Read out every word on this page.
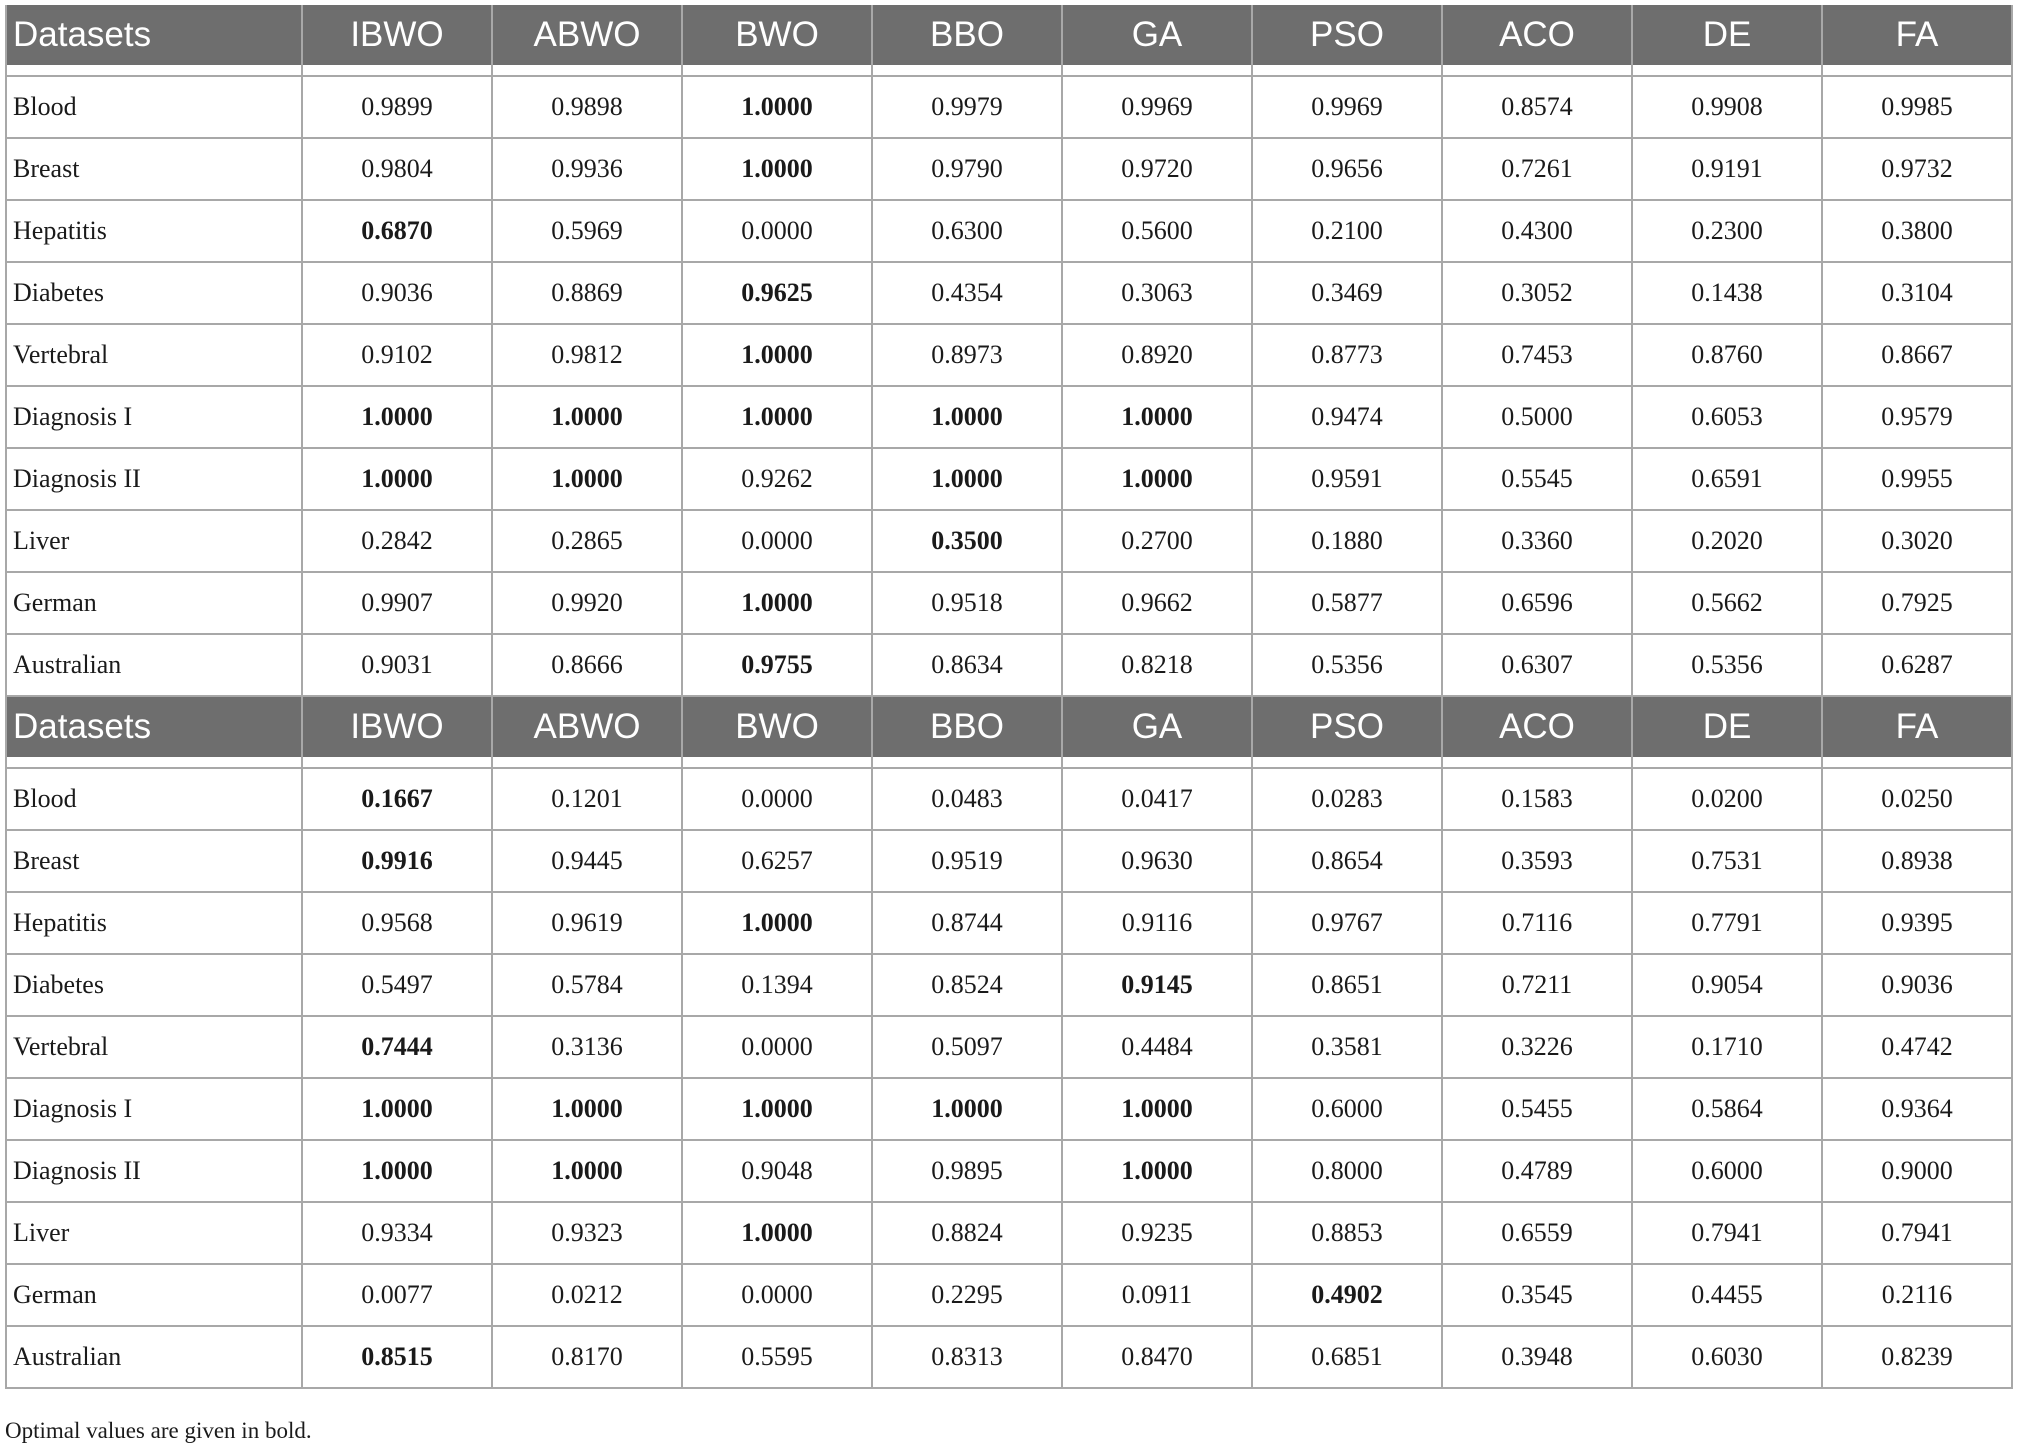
Datasets	IBWO	ABWO	BWO	BBO	GA	PSO	ACO	DE	FA

Blood	0.9899	0.9898	1.0000	0.9979	0.9969	0.9969	0.8574	0.9908	0.9985
Breast	0.9804	0.9936	1.0000	0.9790	0.9720	0.9656	0.7261	0.9191	0.9732
Hepatitis	0.6870	0.5969	0.0000	0.6300	0.5600	0.2100	0.4300	0.2300	0.3800
Diabetes	0.9036	0.8869	0.9625	0.4354	0.3063	0.3469	0.3052	0.1438	0.3104
Vertebral	0.9102	0.9812	1.0000	0.8973	0.8920	0.8773	0.7453	0.8760	0.8667
Diagnosis I	1.0000	1.0000	1.0000	1.0000	1.0000	0.9474	0.5000	0.6053	0.9579
Diagnosis II	1.0000	1.0000	0.9262	1.0000	1.0000	0.9591	0.5545	0.6591	0.9955
Liver	0.2842	0.2865	0.0000	0.3500	0.2700	0.1880	0.3360	0.2020	0.3020
German	0.9907	0.9920	1.0000	0.9518	0.9662	0.5877	0.6596	0.5662	0.7925
Australian	0.9031	0.8666	0.9755	0.8634	0.8218	0.5356	0.6307	0.5356	0.6287
Datasets	IBWO	ABWO	BWO	BBO	GA	PSO	ACO	DE	FA

Blood	0.1667	0.1201	0.0000	0.0483	0.0417	0.0283	0.1583	0.0200	0.0250
Breast	0.9916	0.9445	0.6257	0.9519	0.9630	0.8654	0.3593	0.7531	0.8938
Hepatitis	0.9568	0.9619	1.0000	0.8744	0.9116	0.9767	0.7116	0.7791	0.9395
Diabetes	0.5497	0.5784	0.1394	0.8524	0.9145	0.8651	0.7211	0.9054	0.9036
Vertebral	0.7444	0.3136	0.0000	0.5097	0.4484	0.3581	0.3226	0.1710	0.4742
Diagnosis I	1.0000	1.0000	1.0000	1.0000	1.0000	0.6000	0.5455	0.5864	0.9364
Diagnosis II	1.0000	1.0000	0.9048	0.9895	1.0000	0.8000	0.4789	0.6000	0.9000
Liver	0.9334	0.9323	1.0000	0.8824	0.9235	0.8853	0.6559	0.7941	0.7941
German	0.0077	0.0212	0.0000	0.2295	0.0911	0.4902	0.3545	0.4455	0.2116
Australian	0.8515	0.8170	0.5595	0.8313	0.8470	0.6851	0.3948	0.6030	0.8239
Optimal values are given in bold.
